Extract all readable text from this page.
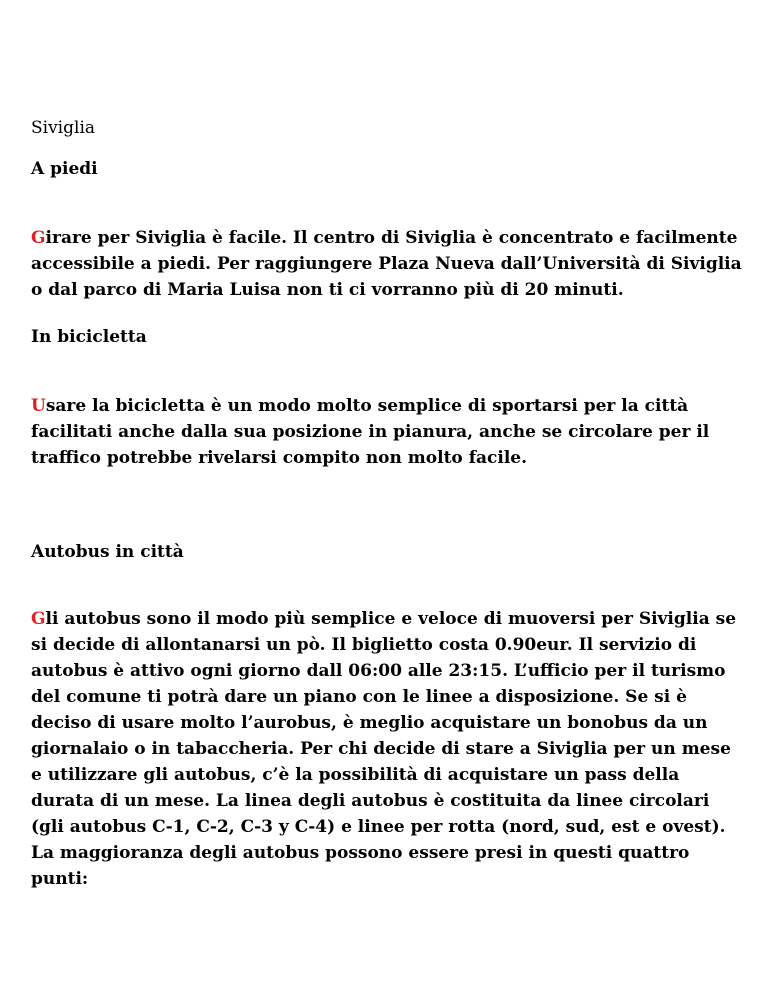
Siviglia
A piedi

Girare per Siviglia è facile. Il centro di Siviglia è concentrato e facilmente accessibile a piedi. Per raggiungere Plaza Nueva dall’Università di Siviglia o dal parco di Maria Luisa non ti ci vorranno più di 20 minuti.

In bicicletta

Usare la bicicletta è un modo molto semplice di sportarsi per la città facilitati anche dalla sua posizione in pianura, anche se circolare per il traffico potrebbe rivelarsi compito non molto facile.

Autobus in città

Gli autobus sono il modo più semplice e veloce di muoversi per Siviglia se si decide di allontanarsi un pò. Il biglietto costa 0.90eur. Il servizio di autobus è attivo ogni giorno dall 06:00 alle 23:15. L’ufficio per il turismo del comune ti potrà dare un piano con le linee a disposizione. Se si è deciso di usare molto l’aurobus, è meglio acquistare un bonobus da un giornalaio o in tabaccheria. Per chi decide di stare a Siviglia per un mese e utilizzare gli autobus, c’è la possibilità di acquistare un pass della durata di un mese. La linea degli autobus è costituita da linee circolari (gli autobus C-1, C-2, C-3 y C-4) e linee per rotta (nord, sud, est e ovest). La maggioranza degli autobus possono essere presi in questi quattro punti:
